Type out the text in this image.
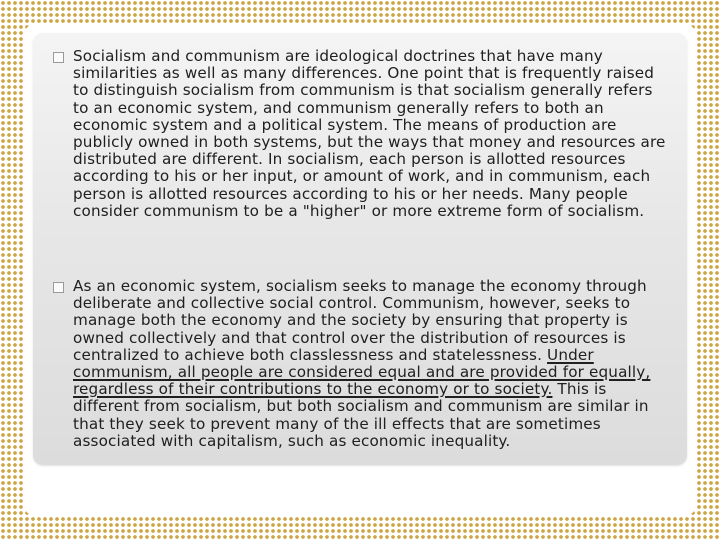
Socialism and communism are ideological doctrines that have many similarities as well as many differences. One point that is frequently raised to distinguish socialism from communism is that socialism generally refers to an economic system, and communism generally refers to both an economic system and a political system. The means of production are publicly owned in both systems, but the ways that money and resources are distributed are different. In socialism, each person is allotted resources according to his or her input, or amount of work, and in communism, each person is allotted resources according to his or her needs. Many people consider communism to be a "higher" or more extreme form of socialism.

As an economic system, socialism seeks to manage the economy through deliberate and collective social control. Communism, however, seeks to manage both the economy and the society by ensuring that property is owned collectively and that control over the distribution of resources is centralized to achieve both classlessness and statelessness. Under communism, all people are considered equal and are provided for equally, regardless of their contributions to the economy or to society. This is different from socialism, but both socialism and communism are similar in that they seek to prevent many of the ill effects that are sometimes associated with capitalism, such as economic inequality.
